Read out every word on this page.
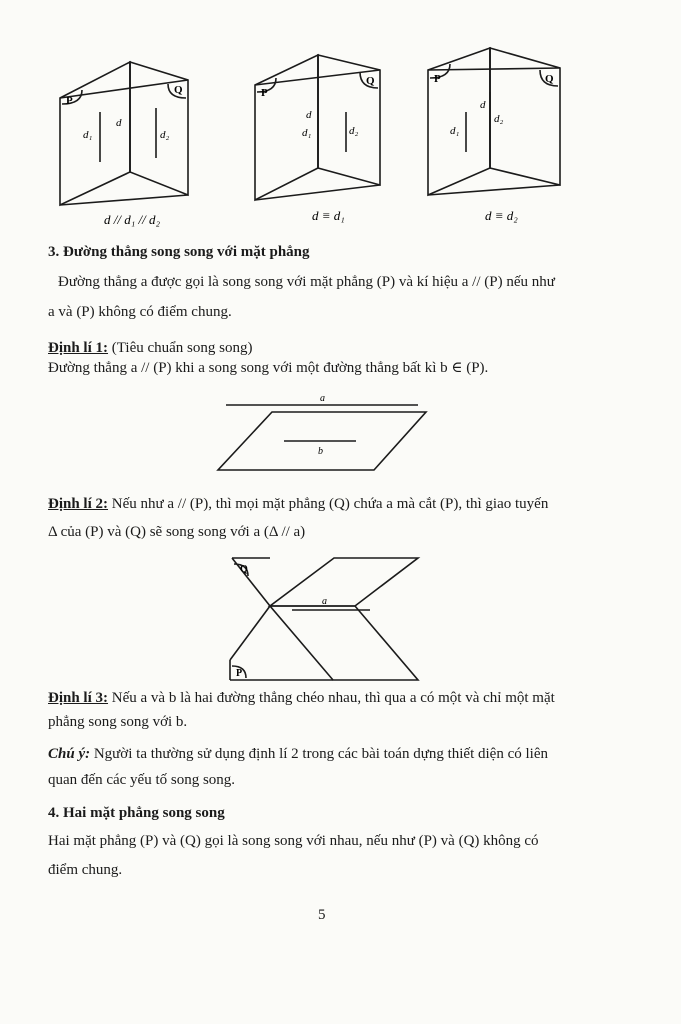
P
Q
d
d₁	d₂
P
Q
d
d₁	d₂
P	Q
d
d₁
d₂
d // d₁ // d₂	d ≡ d₁	d ≡ d₂
3. Đường thẳng song song với mặt phẳng
Đường thẳng a được gọi là song song với mặt phẳng (P) và kí hiệu a // (P) nếu như
a và (P) không có điểm chung.
Định lí 1: (Tiêu chuẩn song song)
Đường thẳng a // (P) khi a song song với một đường thẳng bất kì b ∈ (P).
a
b
Định lí 2: Nếu như a // (P), thì mọi mặt phẳng (Q) chứa a mà cắt (P), thì giao tuyến
Δ của (P) và (Q) sẽ song song với a (Δ // a)
Q
P
a
Định lí 3: Nếu a và b là hai đường thẳng chéo nhau, thì qua a có một và chỉ một mặt
phẳng song song với b.
Chú ý: Người ta thường sử dụng định lí 2 trong các bài toán dựng thiết diện có liên
quan đến các yếu tố song song.
4. Hai mặt phẳng song song
Hai mặt phẳng (P) và (Q) gọi là song song với nhau, nếu như (P) và (Q) không có
điểm chung.
5
